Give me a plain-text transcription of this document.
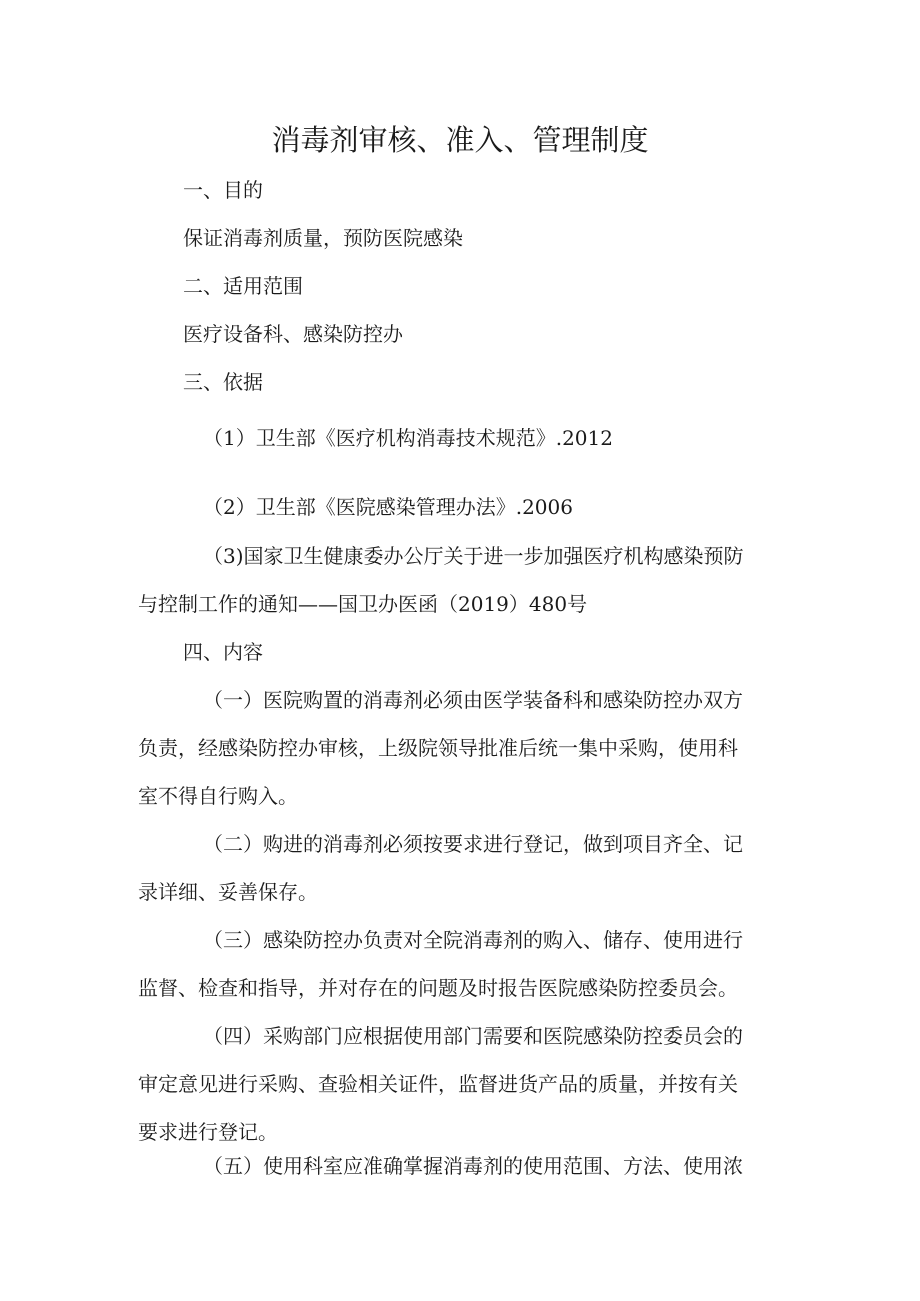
消毒剂审核、准入、管理制度
一、目的
保证消毒剂质量，预防医院感染
二、适用范围
医疗设备科、感染防控办
三、依据
（1）卫生部《医疗机构消毒技术规范》.2012
（2）卫生部《医院感染管理办法》.2006
（3)国家卫生健康委办公厅关于进一步加强医疗机构感染预防
与控制工作的通知——国卫办医函（2019）480号
四、内容
（一）医院购置的消毒剂必须由医学装备科和感染防控办双方
负责，经感染防控办审核，上级院领导批准后统一集中采购，使用科
室不得自行购入。
（二）购进的消毒剂必须按要求进行登记，做到项目齐全、记
录详细、妥善保存。
（三）感染防控办负责对全院消毒剂的购入、储存、使用进行
监督、检查和指导，并对存在的问题及时报告医院感染防控委员会。
（四）采购部门应根据使用部门需要和医院感染防控委员会的
审定意见进行采购、查验相关证件，监督进货产品的质量，并按有关
要求进行登记。
（五）使用科室应准确掌握消毒剂的使用范围、方法、使用浓
